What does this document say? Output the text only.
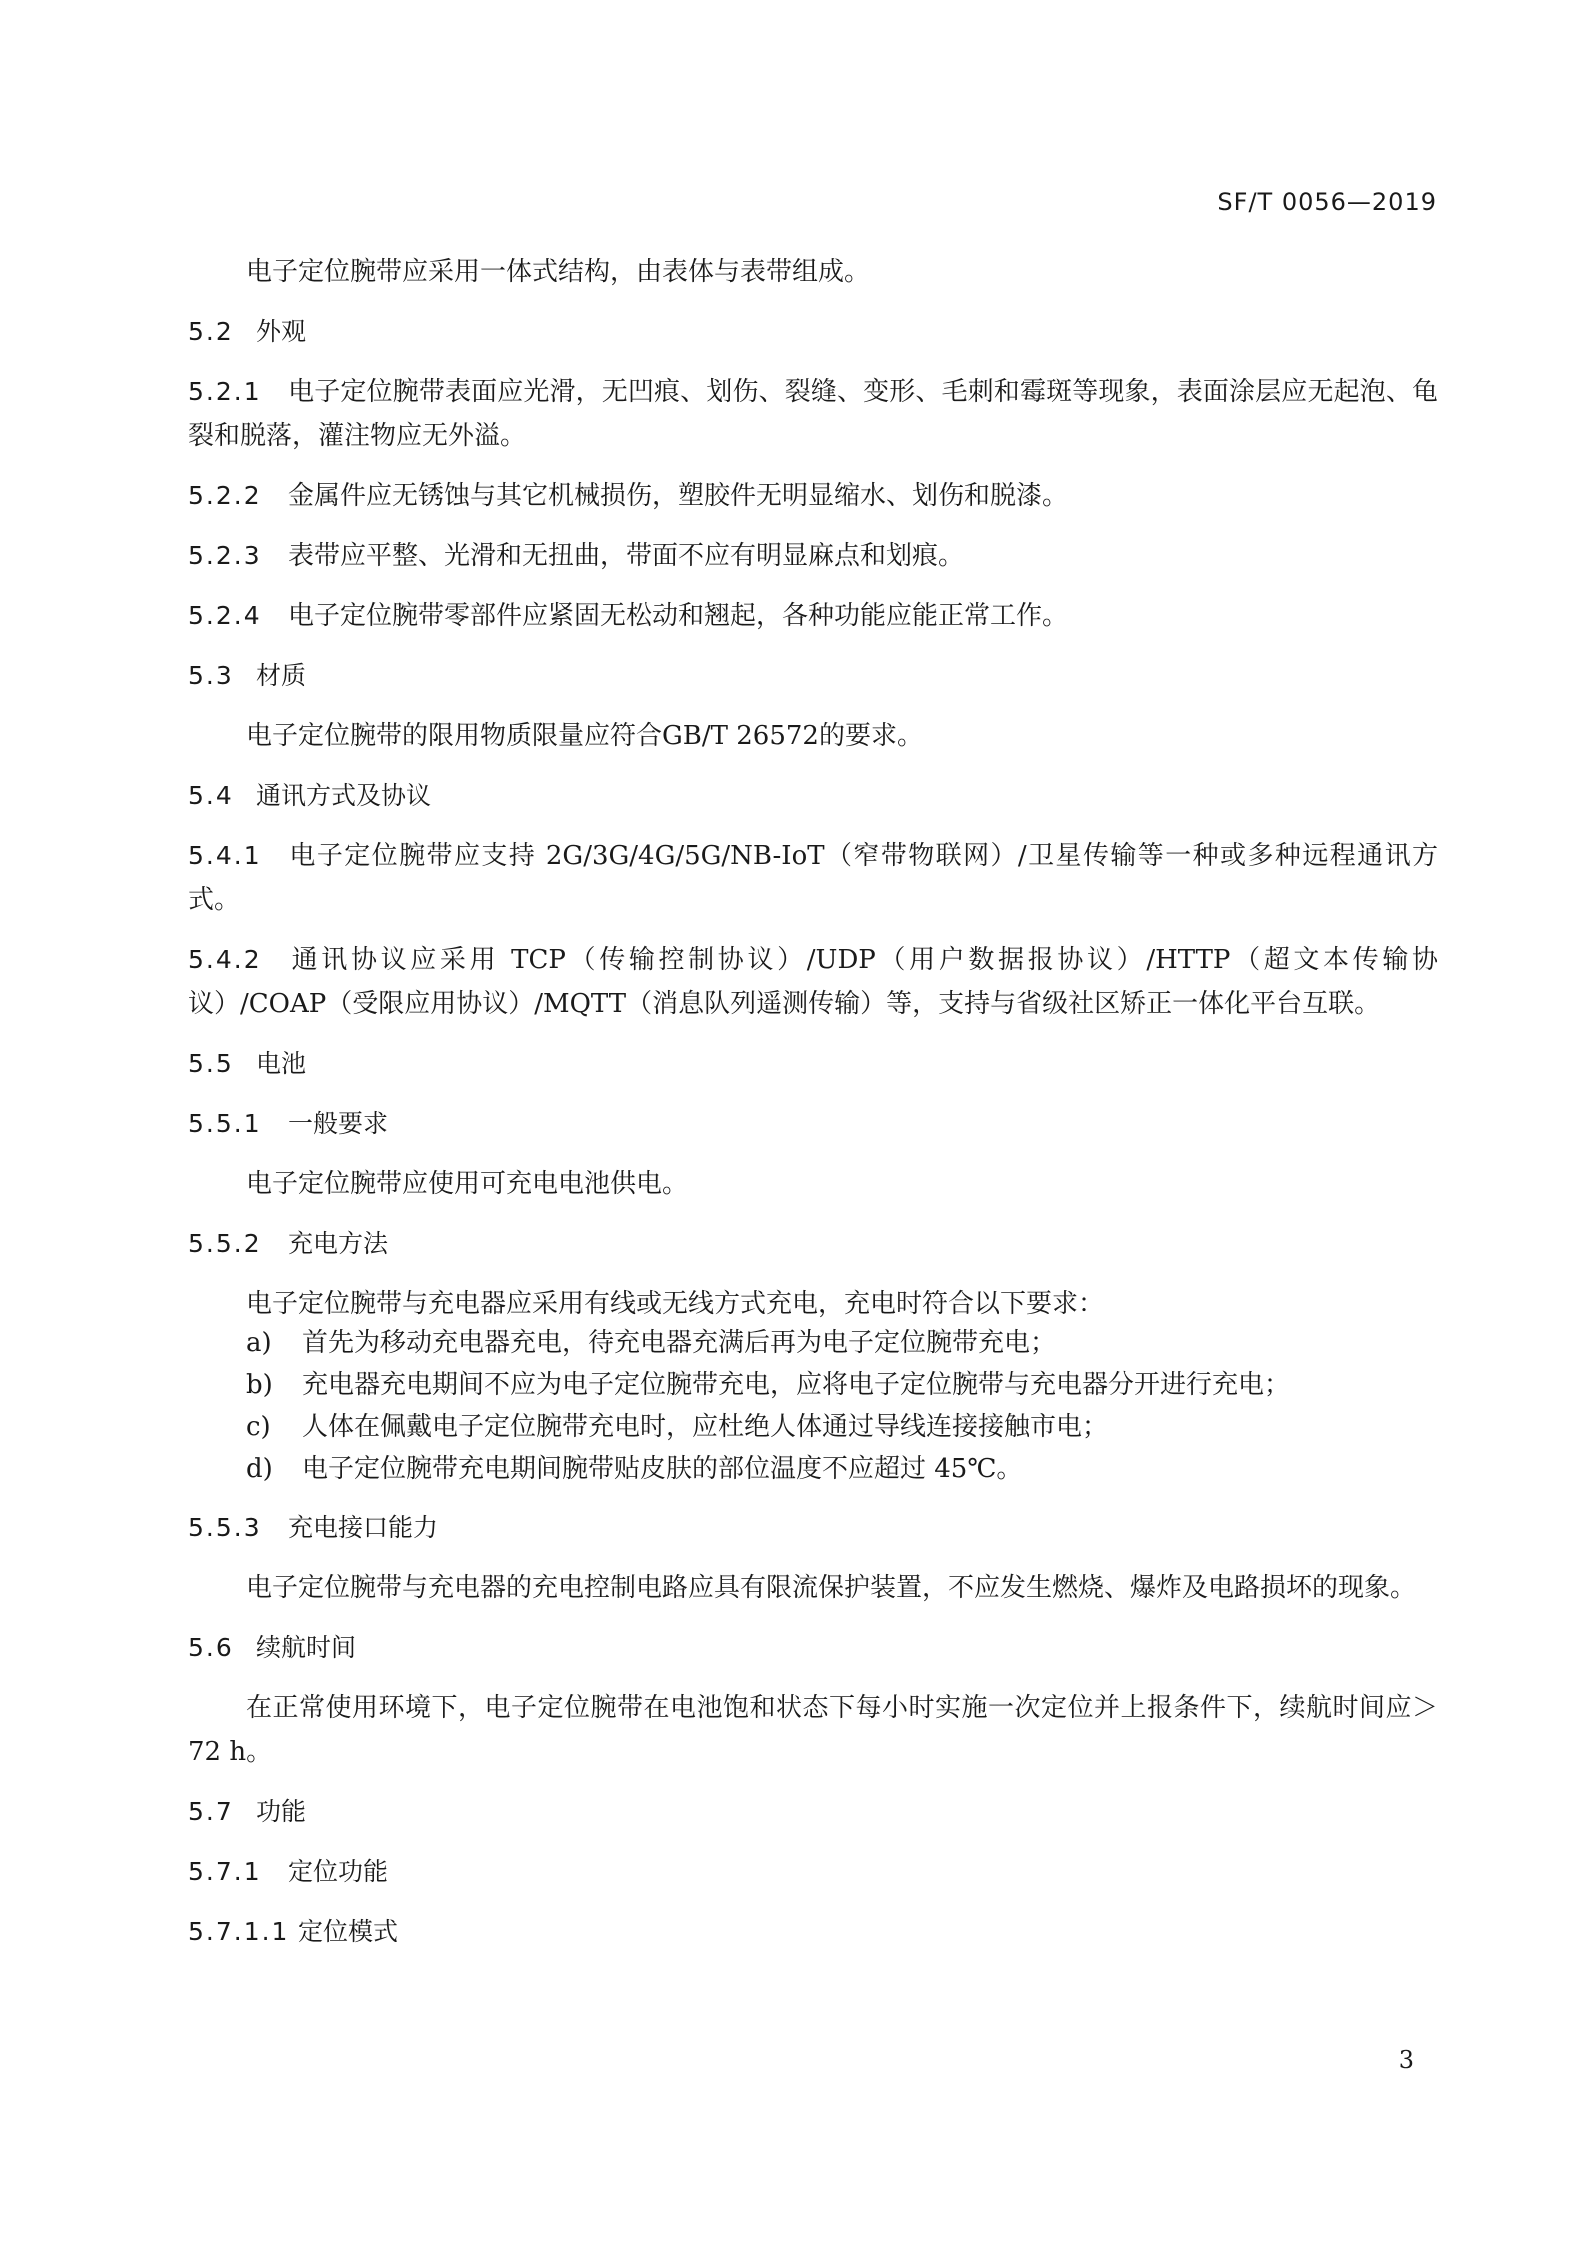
SF/T 0056—2019

电子定位腕带应采用一体式结构，由表体与表带组成。

5.2 外观
5.2.1 电子定位腕带表面应光滑，无凹痕、划伤、裂缝、变形、毛刺和霉斑等现象，表面涂层应无起泡、龟裂和脱落，灌注物应无外溢。
5.2.2 金属件应无锈蚀与其它机械损伤，塑胶件无明显缩水、划伤和脱漆。
5.2.3 表带应平整、光滑和无扭曲，带面不应有明显麻点和划痕。
5.2.4 电子定位腕带零部件应紧固无松动和翘起，各种功能应能正常工作。
5.3 材质

电子定位腕带的限用物质限量应符合GB/T 26572的要求。

5.4 通讯方式及协议
5.4.1 电子定位腕带应支持 2G/3G/4G/5G/NB-IoT（窄带物联网）/卫星传输等一种或多种远程通讯方式。
5.4.2 通讯协议应采用 TCP（传输控制协议）/UDP（用户数据报协议）/HTTP（超文本传输协议）/COAP（受限应用协议）/MQTT（消息队列遥测传输）等，支持与省级社区矫正一体化平台互联。
5.5 电池
5.5.1 一般要求

电子定位腕带应使用可充电电池供电。

5.5.2 充电方法

电子定位腕带与充电器应采用有线或无线方式充电，充电时符合以下要求：

a) 首先为移动充电器充电，待充电器充满后再为电子定位腕带充电；
b) 充电器充电期间不应为电子定位腕带充电，应将电子定位腕带与充电器分开进行充电；
c) 人体在佩戴电子定位腕带充电时，应杜绝人体通过导线连接接触市电；
d) 电子定位腕带充电期间腕带贴皮肤的部位温度不应超过 45℃。
5.5.3 充电接口能力

电子定位腕带与充电器的充电控制电路应具有限流保护装置，不应发生燃烧、爆炸及电路损坏的现象。

5.6 续航时间

在正常使用环境下，电子定位腕带在电池饱和状态下每小时实施一次定位并上报条件下，续航时间应＞72 h。

5.7 功能
5.7.1 定位功能
5.7.1.1 定位模式
3
